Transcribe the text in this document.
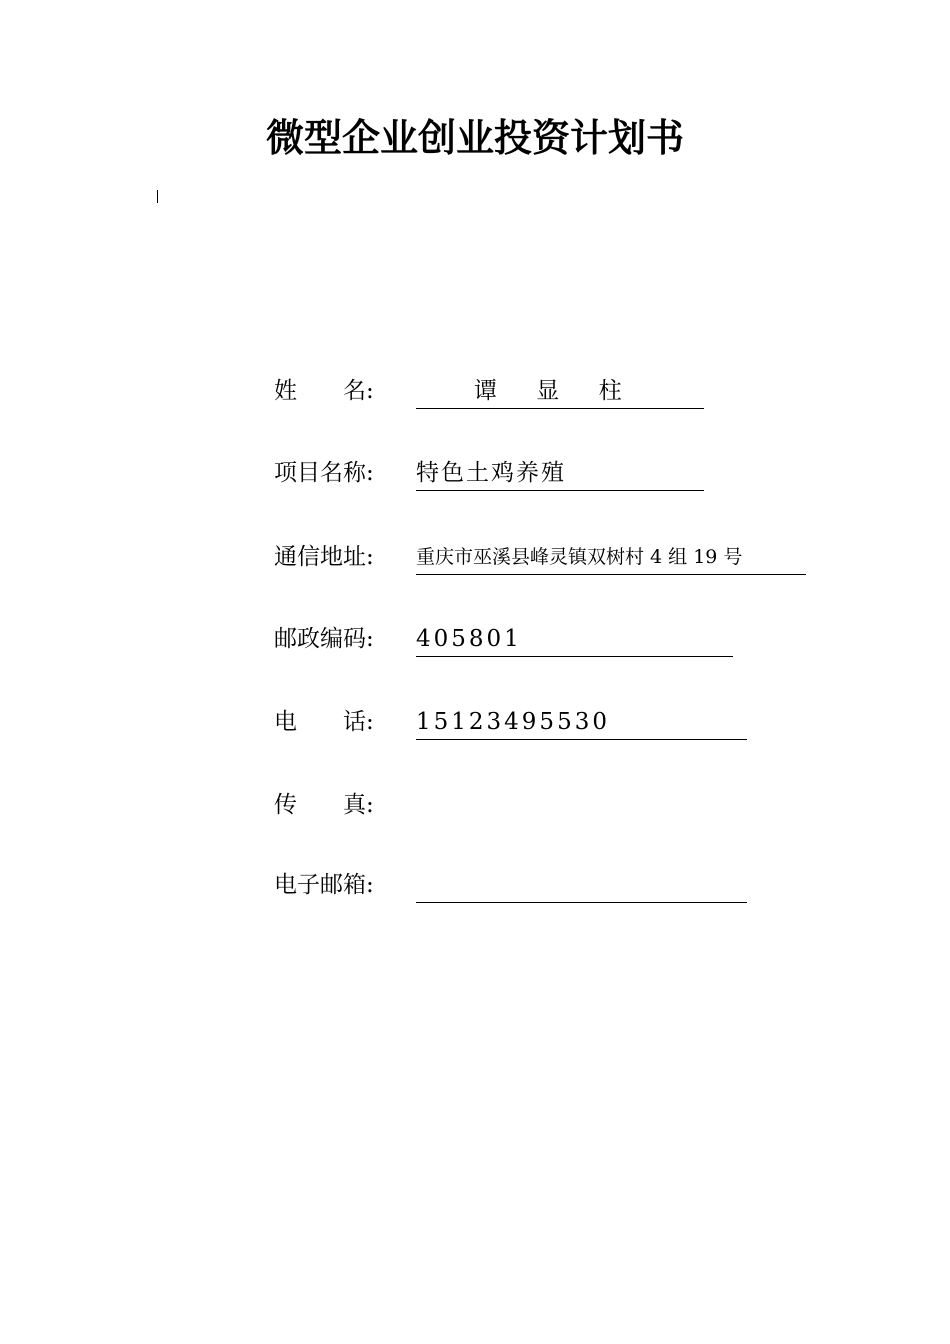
微型企业创业投资计划书
姓　　名:	谭 显 柱
项目名称: 特色土鸡养殖
通信地址: 重庆市巫溪县峰灵镇双树村 4 组 19 号
邮政编码: 405801
电　　话: 15123495530
传　　真:
电子邮箱:
